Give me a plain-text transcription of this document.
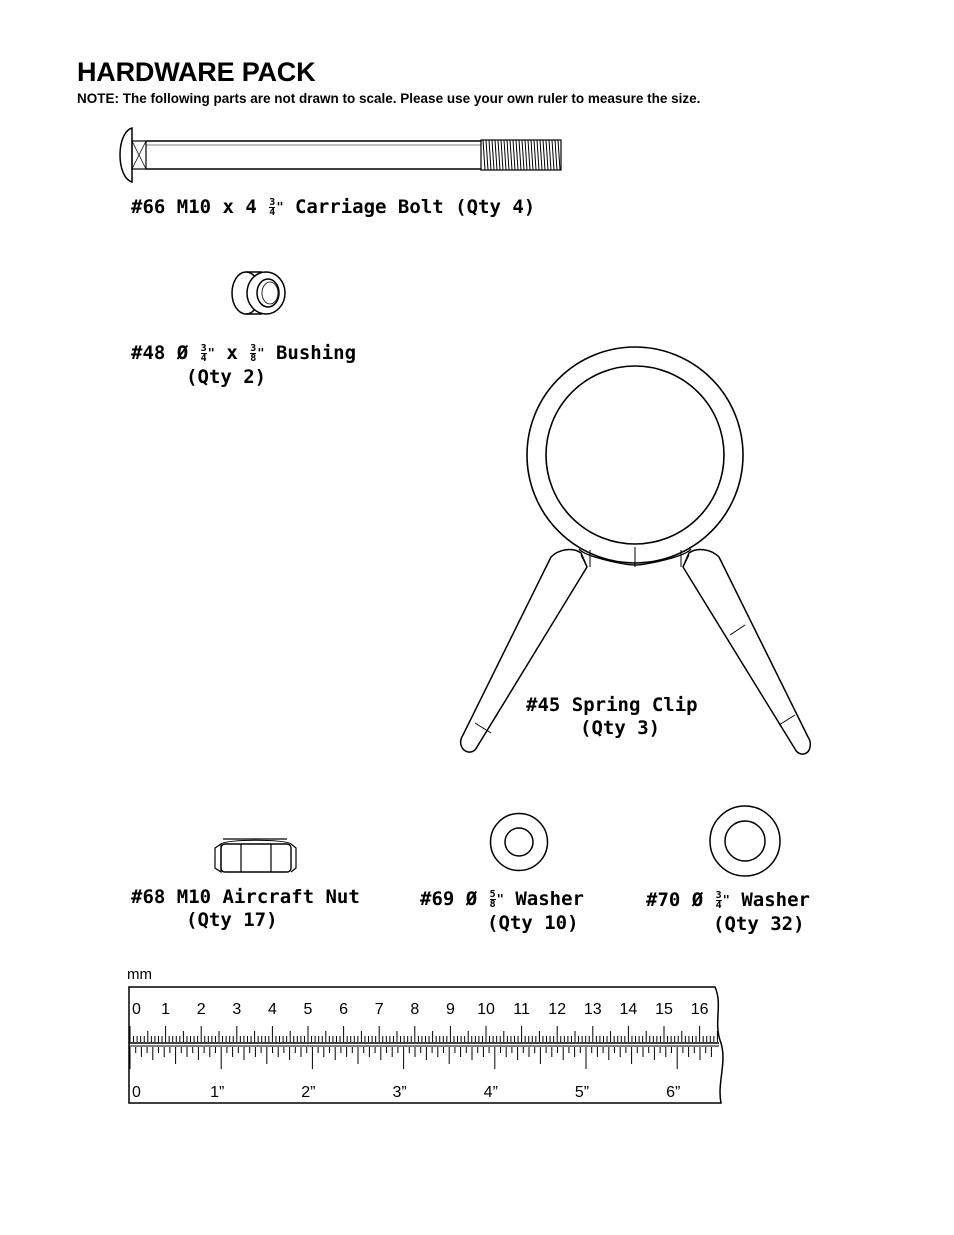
HARDWARE PACK
NOTE: The following parts are not drawn to scale. Please use your own ruler to measure the size.
#66 M10 x $4 \frac{3}{4} ^"$ Carriage Bolt (Qty 4)
#48 Ø $\frac{3}{4} ^"$ x $\frac{3}{8} ^"$ Bushing
(Qty 2)
#45 Spring Clip
(Qty 3)
#68 M10 Aircraft Nut
(Qty 17)
#69 Ø $\frac{5}{8} ^"$ Washer
(Qty 10)
#70 Ø $\frac{3}{4} ^"$ Washer
(Qty 32)
mm
0 1 2 3 4 5 6 7 8 9 10 11 12 13 14 15 16
0	1”	2”	3”	4”	5”	6”
